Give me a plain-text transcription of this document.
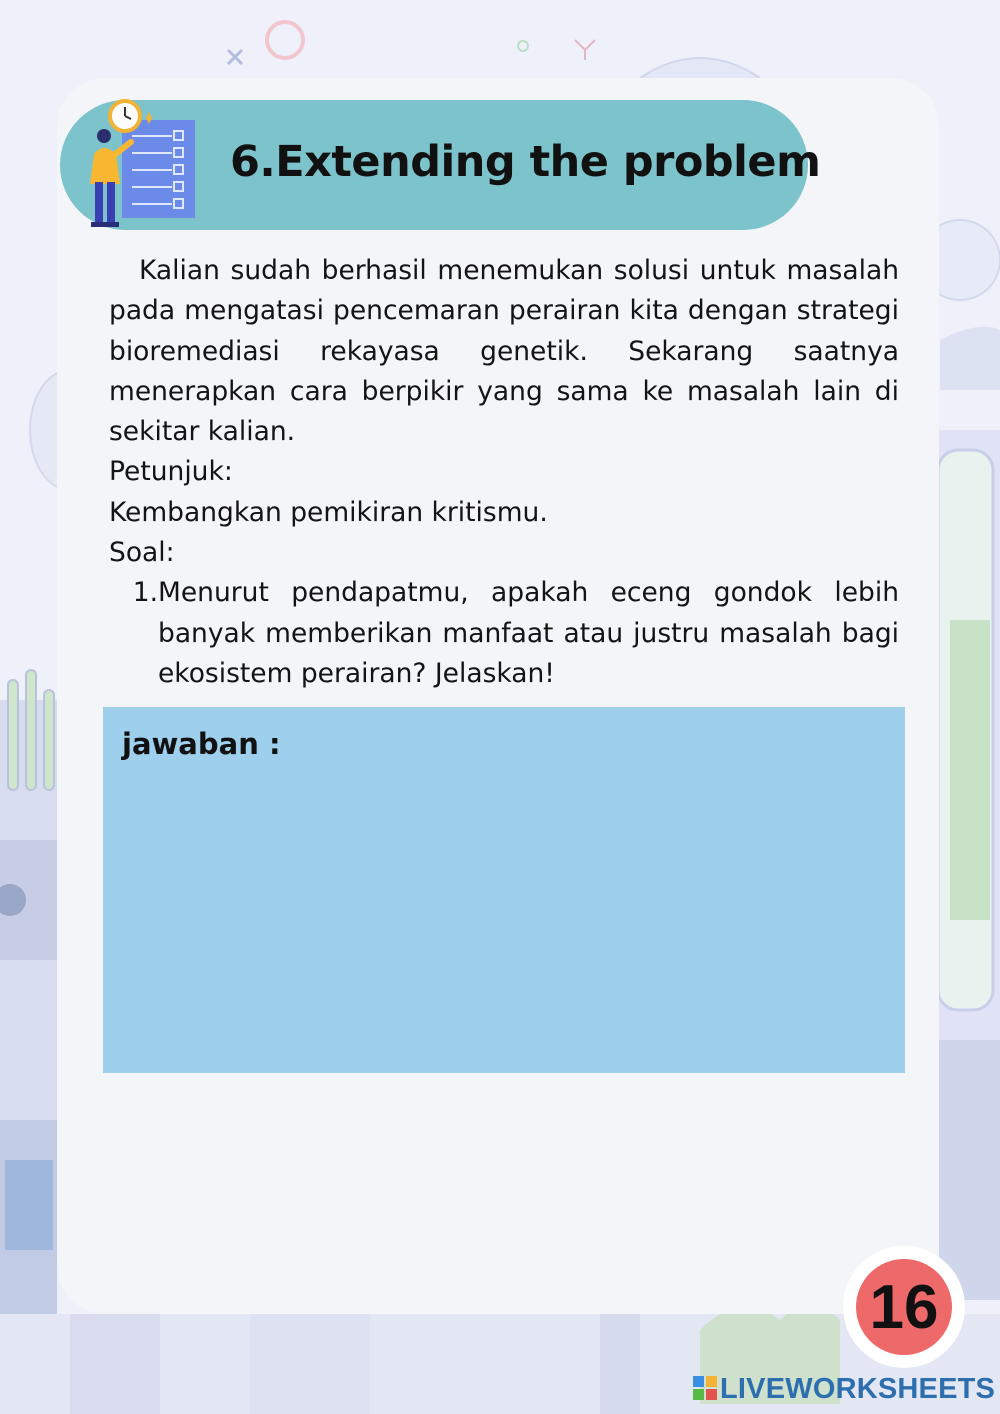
6.Extending the problem

Kalian sudah berhasil menemukan solusi untuk masalah pada mengatasi pencemaran perairan kita dengan strategi bioremediasi rekayasa genetik. Sekarang saatnya menerapkan cara berpikir yang sama ke masalah lain di sekitar kalian.

Petunjuk:

Kembangkan pemikiran kritismu.

Soal:

1. Menurut pendapatmu, apakah eceng gondok lebih banyak memberikan manfaat atau justru masalah bagi ekosistem perairan? Jelaskan!
jawaban :
16
LIVEWORKSHEETS
